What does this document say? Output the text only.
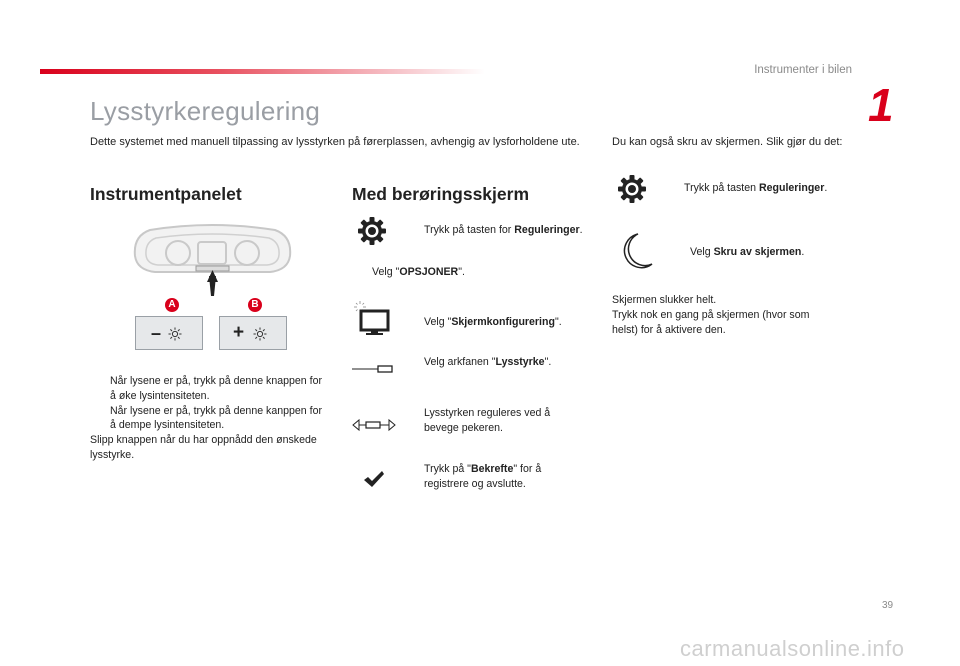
Instrumenter i bilen
1
Lysstyrkeregulering
Dette systemet med manuell tilpassing av lysstyrken på førerplassen, avhengig av lysforholdene ute.	Du kan også skru av skjermen. Slik gjør du det:
Instrumentpanelet
A	B
–	+
Når lysene er på, trykk på denne knappen for å øke lysintensiteten.
Når lysene er på, trykk på denne kanppen for å dempe lysintensiteten.
Slipp knappen når du har oppnådd den ønskede lysstyrke.
Med berøringsskjerm
Trykk på tasten for Reguleringer.
Velg "OPSJONER".
Velg "Skjermkonfigurering".
Velg arkfanen "Lysstyrke".
Lysstyrken reguleres ved å bevege pekeren.
Trykk på "Bekrefte" for å registrere og avslutte.
Trykk på tasten Reguleringer.
Velg Skru av skjermen.
Skjermen slukker helt.
Trykk nok en gang på skjermen (hvor som helst) for å aktivere den.
39
carmanualsonline.info
